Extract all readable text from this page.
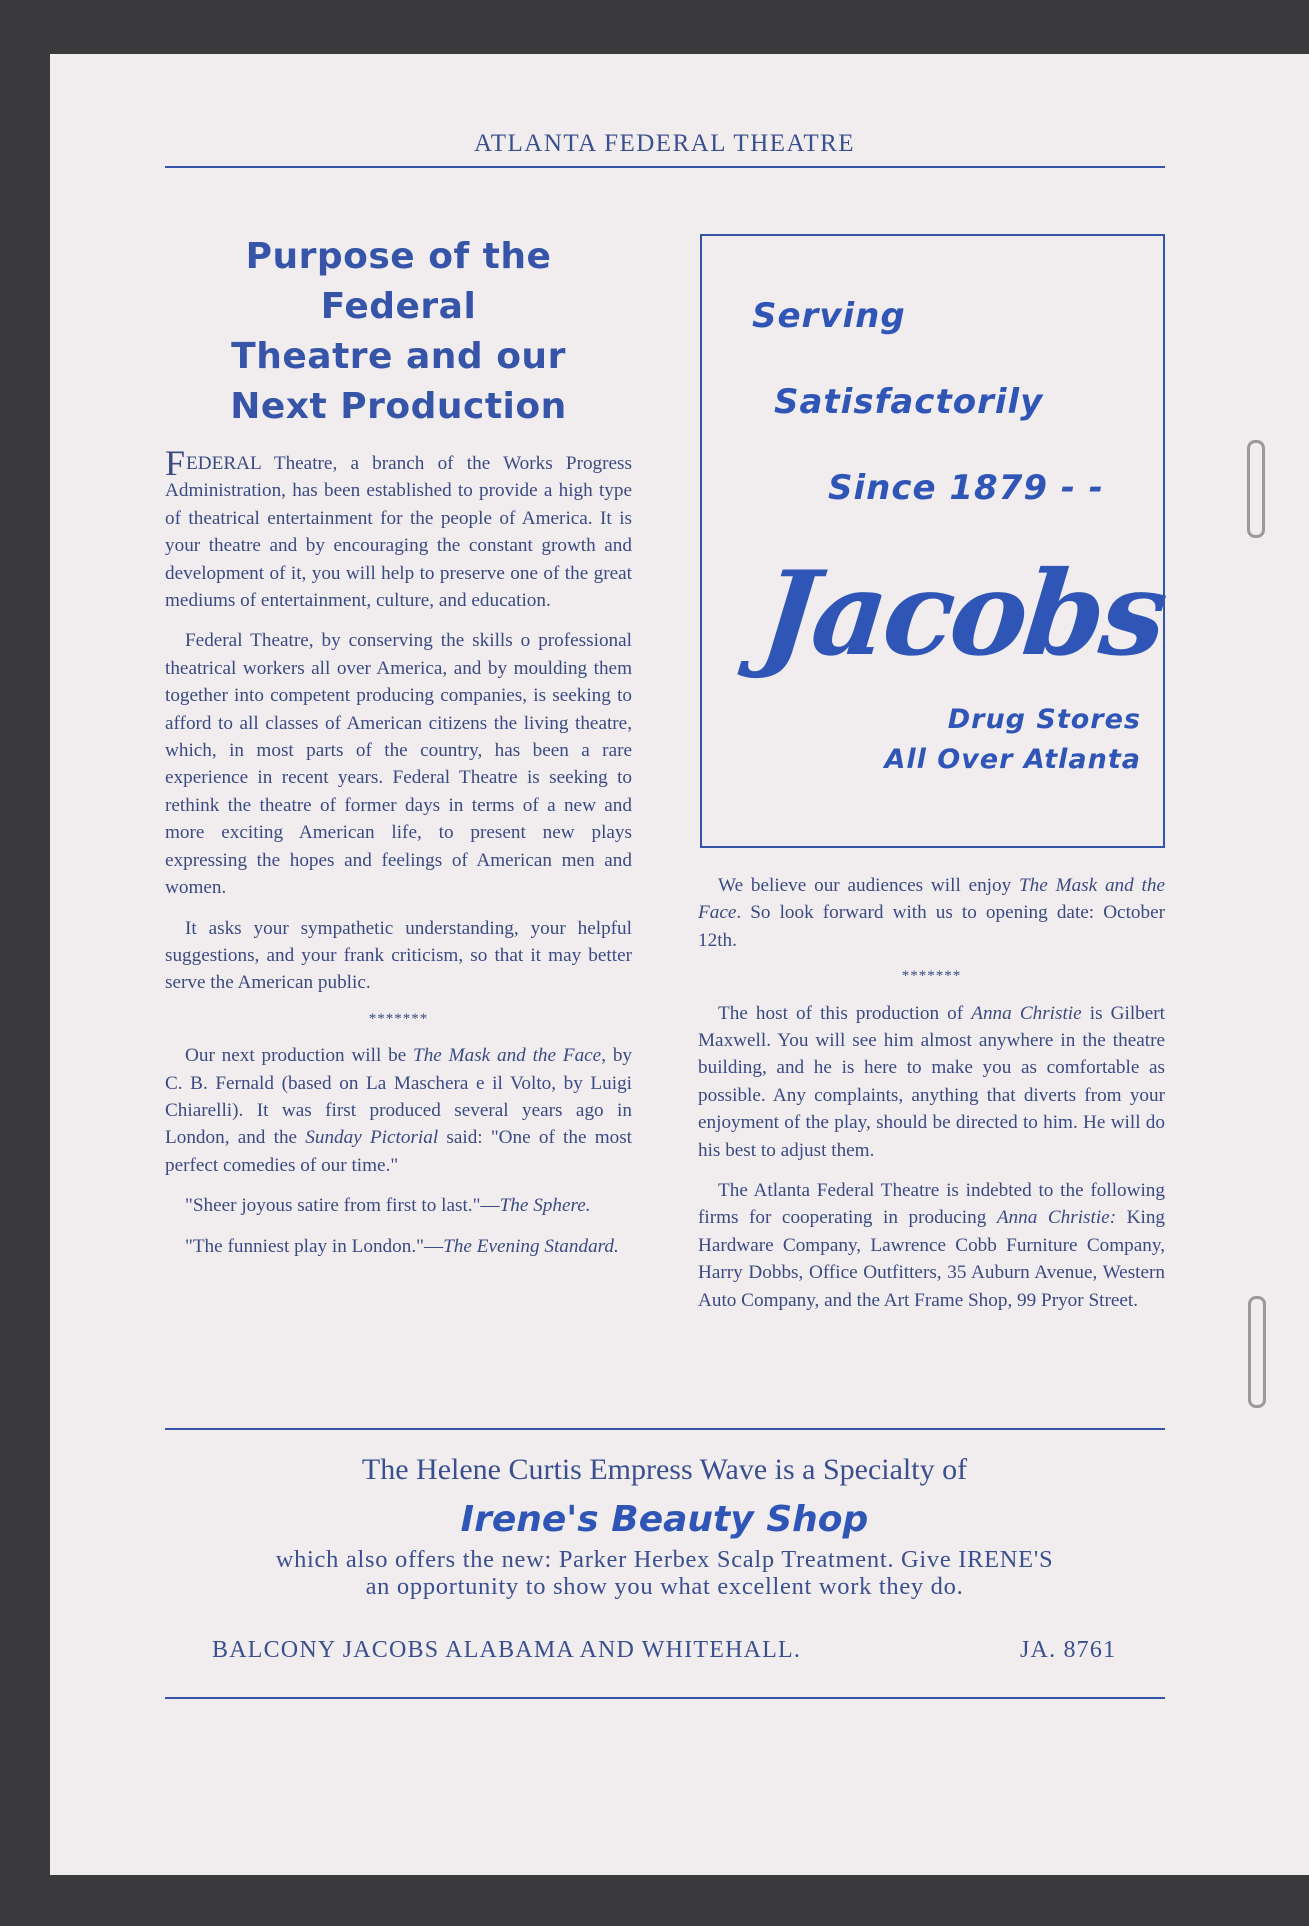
ATLANTA FEDERAL THEATRE
Purpose of the Federal
Theatre and our
Next Production

FEDERAL Theatre, a branch of the Works Progress Administration, has been established to provide a high type of theatrical entertainment for the people of America. It is your theatre and by encouraging the constant growth and development of it, you will help to preserve one of the great mediums of entertainment, culture, and education.

Federal Theatre, by conserving the skills o professional theatrical workers all over America, and by moulding them together into competent producing companies, is seeking to afford to all classes of American citizens the living theatre, which, in most parts of the country, has been a rare experience in recent years. Federal Theatre is seeking to rethink the theatre of former days in terms of a new and more exciting American life, to present new plays expressing the hopes and feelings of American men and women.

It asks your sympathetic understanding, your helpful suggestions, and your frank criticism, so that it may better serve the American public.

*******

Our next production will be The Mask and the Face, by C. B. Fernald (based on La Maschera e il Volto, by Luigi Chiarelli). It was first produced several years ago in London, and the Sunday Pictorial said: "One of the most perfect comedies of our time."

"Sheer joyous satire from first to last."—The Sphere.

"The funniest play in London."—The Evening Standard.

Serving
Satisfactorily
Since 1879 - -
Jacobs
Drug Stores
All Over Atlanta

We believe our audiences will enjoy The Mask and the Face. So look forward with us to opening date: October 12th.

*******

The host of this production of Anna Christie is Gilbert Maxwell. You will see him almost anywhere in the theatre building, and he is here to make you as comfortable as possible. Any complaints, anything that diverts from your enjoyment of the play, should be directed to him. He will do his best to adjust them.

The Atlanta Federal Theatre is indebted to the following firms for cooperating in producing Anna Christie: King Hardware Company, Lawrence Cobb Furniture Company, Harry Dobbs, Office Outfitters, 35 Auburn Avenue, Western Auto Company, and the Art Frame Shop, 99 Pryor Street.

The Helene Curtis Empress Wave is a Specialty of
Irene's Beauty Shop
which also offers the new: Parker Herbex Scalp Treatment. Give IRENE'S
an opportunity to show you what excellent work they do.
BALCONY JACOBS ALABAMA AND WHITEHALL.	JA. 8761
